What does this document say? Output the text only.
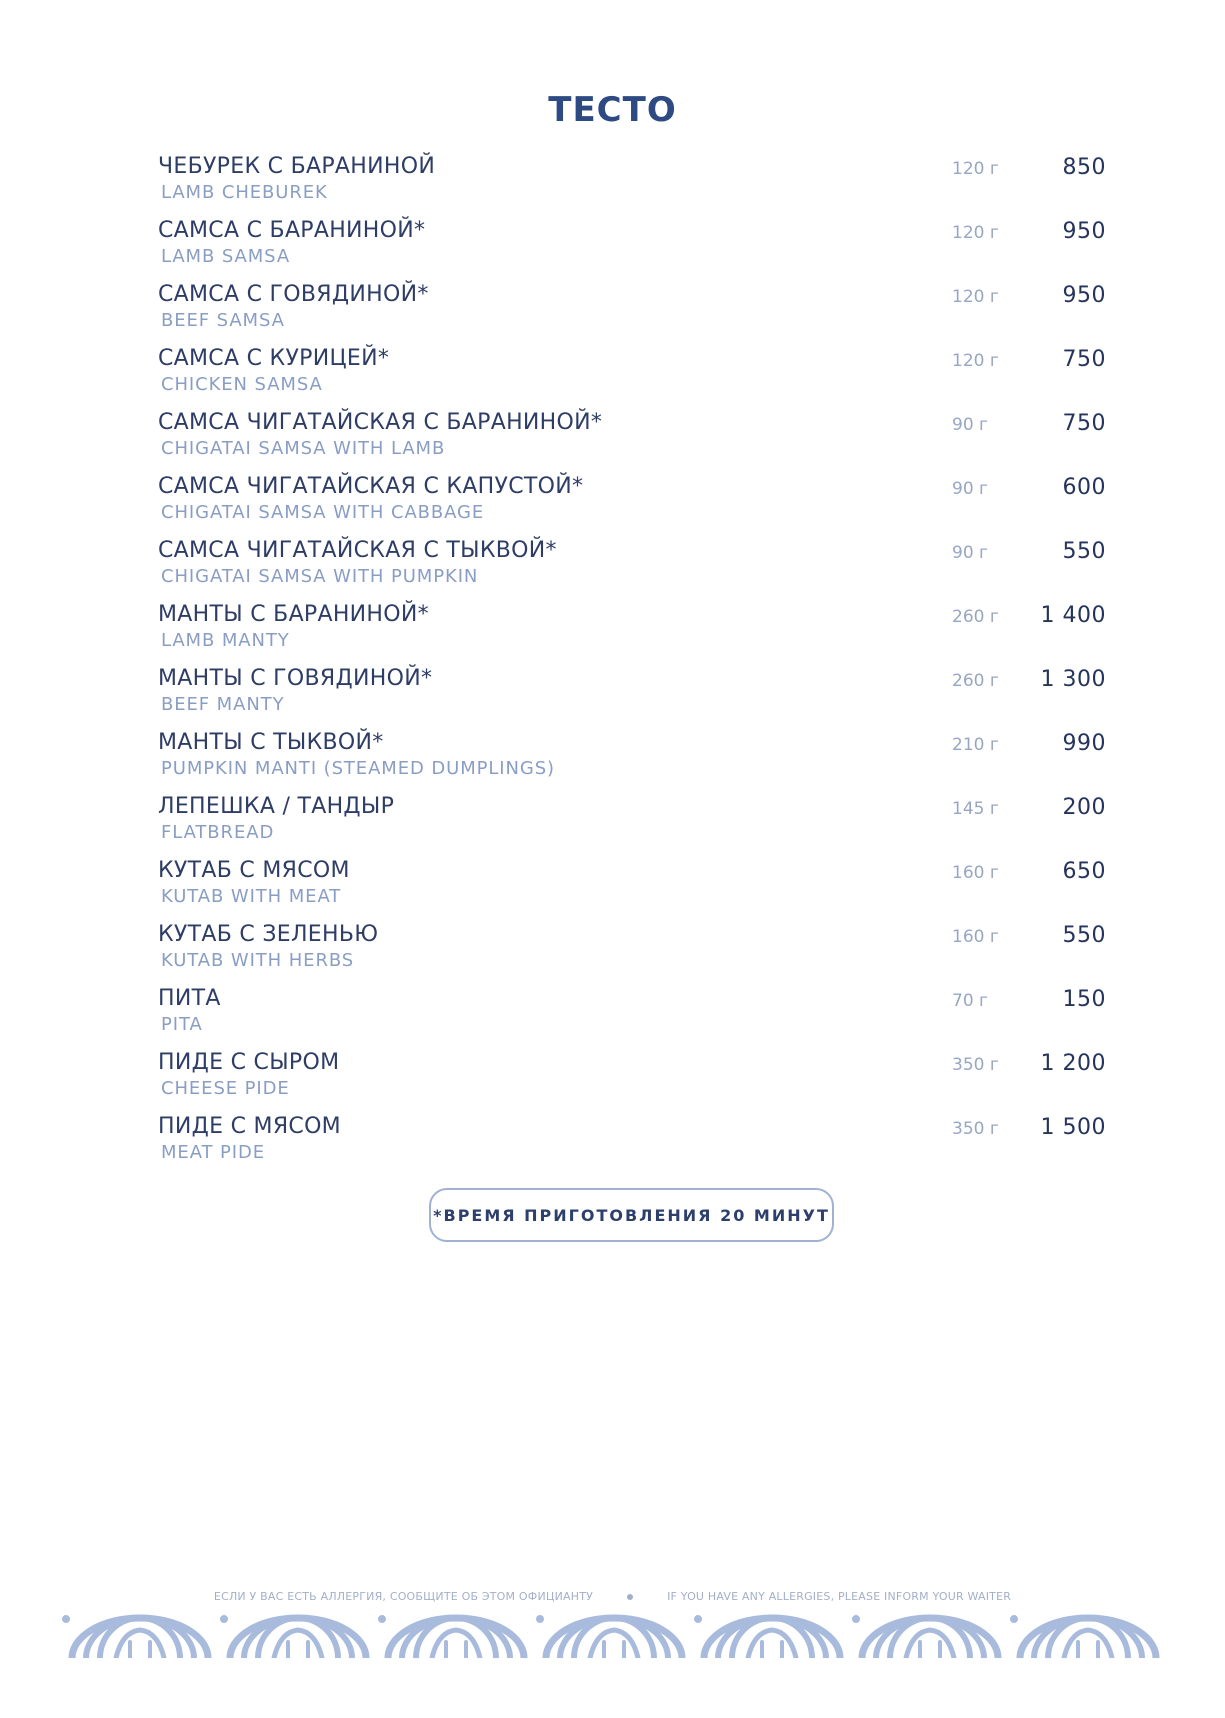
ТЕСТО
ЧЕБУРЕК С БАРАНИНОЙ
LAMB CHEBUREK
120 г	850
САМСА С БАРАНИНОЙ*
LAMB SAMSA
120 г	950
САМСА С ГОВЯДИНОЙ*
BEEF SAMSA
120 г	950
САМСА С КУРИЦЕЙ*
CHICKEN SAMSA
120 г	750
САМСА ЧИГАТАЙСКАЯ С БАРАНИНОЙ*
CHIGATAI SAMSA WITH LAMB
90 г	750
САМСА ЧИГАТАЙСКАЯ С КАПУСТОЙ*
CHIGATAI SAMSA WITH CABBAGE
90 г	600
САМСА ЧИГАТАЙСКАЯ С ТЫКВОЙ*
CHIGATAI SAMSA WITH PUMPKIN
90 г	550
МАНТЫ С БАРАНИНОЙ*
LAMB MANTY
260 г 1 400
МАНТЫ С ГОВЯДИНОЙ*
BEEF MANTY
260 г 1 300
МАНТЫ С ТЫКВОЙ*
PUMPKIN MANTI (STEAMED DUMPLINGS)
210 г	990
ЛЕПЕШКА / ТАНДЫР
FLATBREAD
145 г	200
КУТАБ С МЯСОМ
KUTAB WITH MEAT
160 г	650
КУТАБ С ЗЕЛЕНЬЮ
KUTAB WITH HERBS
160 г	550
ПИТА
PITA
70 г	150
ПИДЕ С СЫРОМ
CHEESE PIDE
350 г 1 200
ПИДЕ С МЯСОМ
MEAT PIDE
350 г 1 500
*ВРЕМЯ ПРИГОТОВЛЕНИЯ 20 МИНУТ
ЕСЛИ У ВАС ЕСТЬ АЛЛЕРГИЯ, СООБЩИТЕ ОБ ЭТОМ ОФИЦИАНТУ	IF YOU HAVE ANY ALLERGIES, PLEASE INFORM YOUR WAITER
